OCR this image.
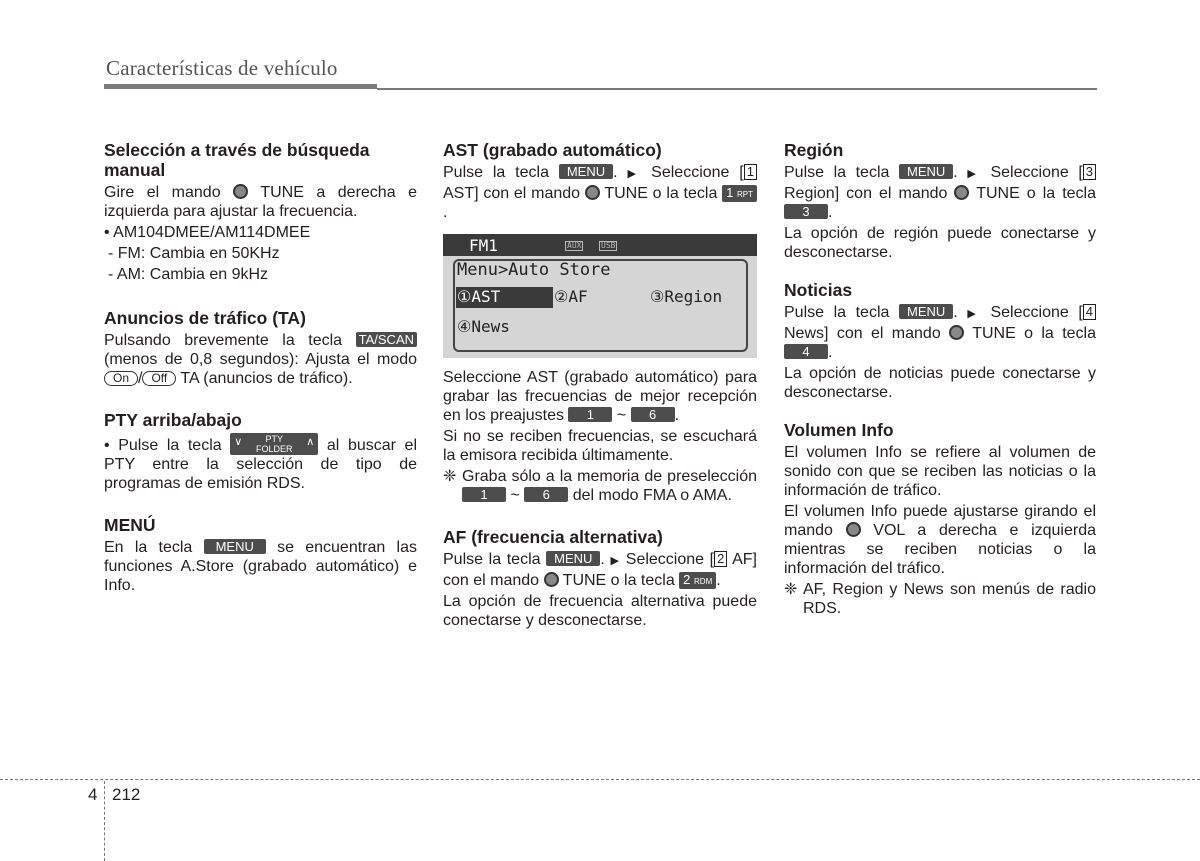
Características de vehículo
Selección a través de búsqueda manual

Gire el mando TUNE a derecha e izquierda para ajustar la frecuencia.

• AM104DMEE/AM114DMEE

- FM: Cambia en 50KHz

- AM: Cambia en 9kHz

Anuncios de tráfico (TA)

Pulsando brevemente la tecla TA/SCAN (menos de 0,8 segundos): Ajusta el modo On / Off TA (anuncios de tráfico).

PTY arriba/abajo

• Pulse la tecla	PTY
FOLDER
∨	∧ al buscar el PTY entre la selección de tipo de programas de emisión RDS.

MENÚ

En la tecla MENU se encuentran las funciones A.Store (grabado automático) e Info.

AST (grabado automático)

Pulse la tecla MENU . ▶ Seleccione [ 1 AST] con el mando TUNE o la tecla 1 RPT.

FM1	AUX USB
Menu>Auto Store
①AST	②AF	③Region
④News

Seleccione AST (grabado automático) para grabar las frecuencias de mejor recepción en los preajustes 1 ~ 6 .

Si no se reciben frecuencias, se escuchará la emisora recibida últimamente.

❈ Graba sólo a la memoria de preselección 1 ~ 6 del modo FMA o AMA.

AF (frecuencia alternativa)

Pulse la tecla MENU . ▶ Seleccione [ 2 AF] con el mando TUNE o la tecla 2 RDM .

La opción de frecuencia alternativa puede conectarse y desconectarse.

Región

Pulse la tecla MENU . ▶ Seleccione [ 3 Region] con el mando TUNE o la tecla 3 .

La opción de región puede conectarse y desconectarse.

Noticias

Pulse la tecla MENU . ▶ Seleccione [ 4 News] con el mando TUNE o la tecla 4 .

La opción de noticias puede conectarse y desconectarse.

Volumen Info

El volumen Info se refiere al volumen de sonido con que se reciben las noticias o la información de tráfico.

El volumen Info puede ajustarse girando el mando	VOL a derecha e izquierda mientras se reciben noticias o la información del tráfico.

❈ AF, Region y News son menús de radio RDS.

4 212
